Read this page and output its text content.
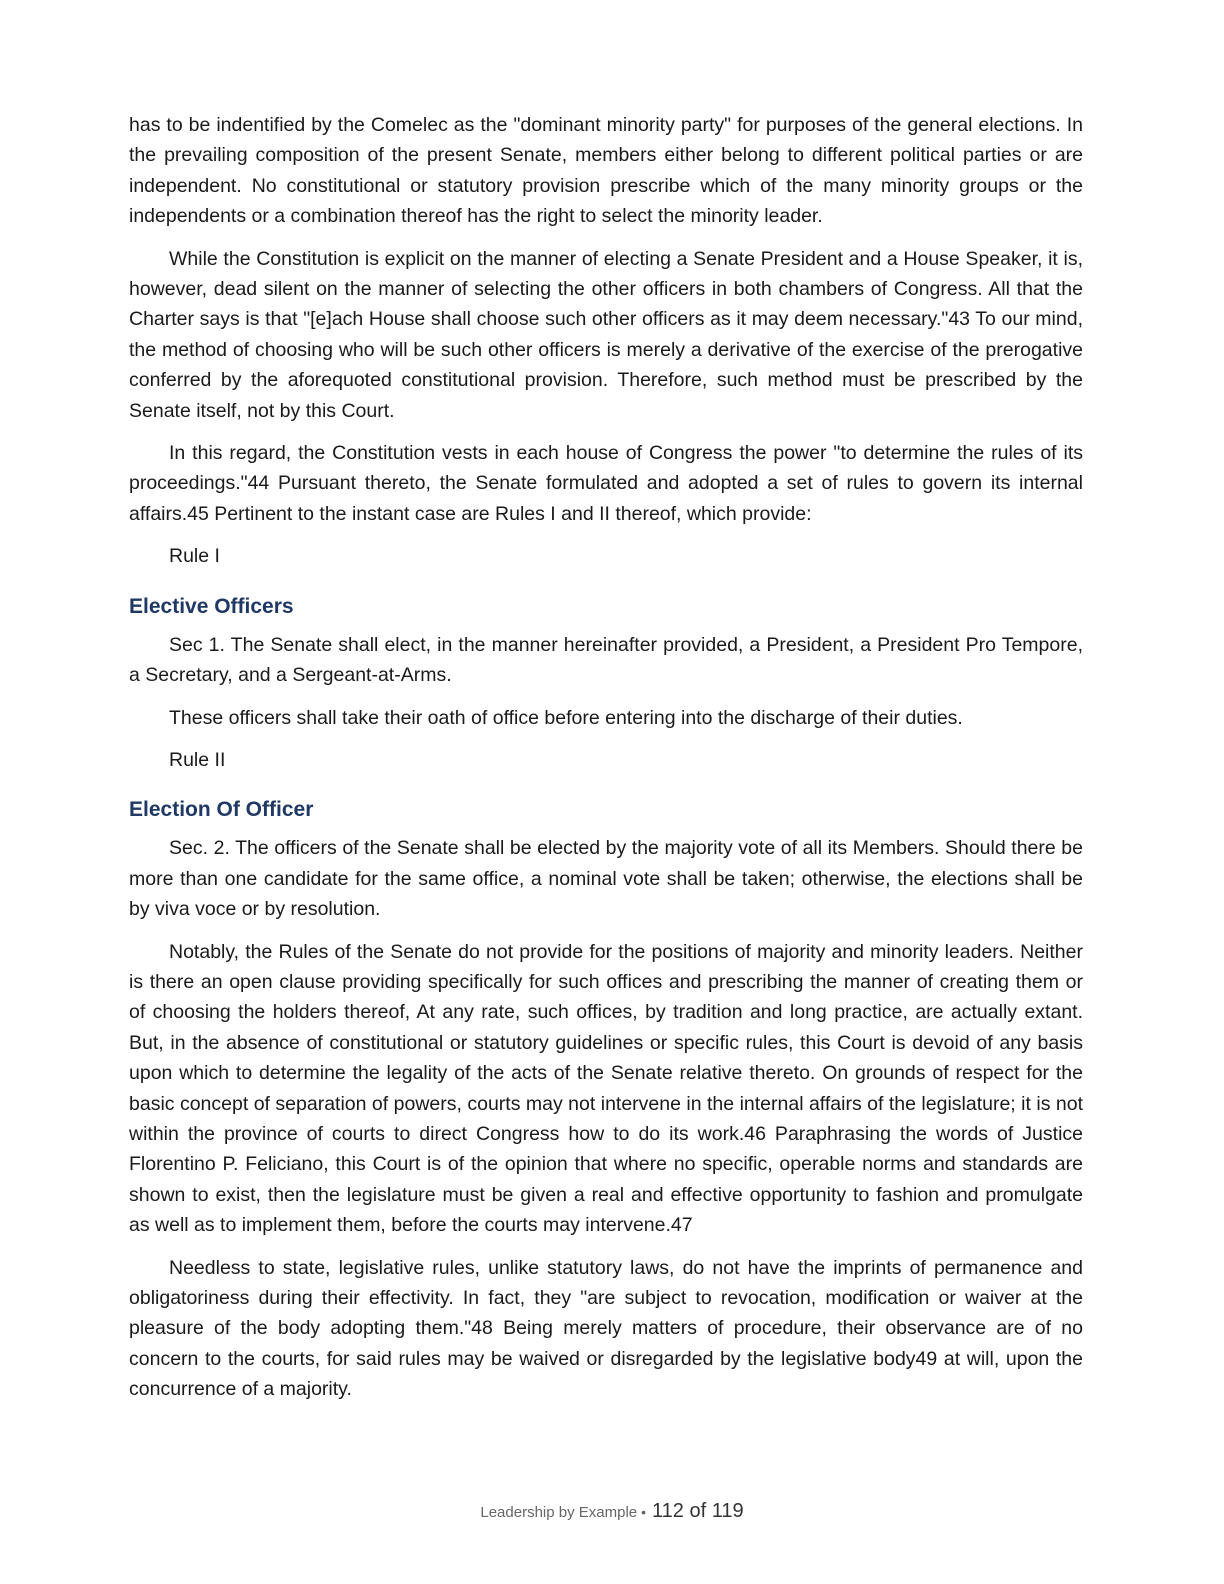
has to be indentified by the Comelec as the "dominant minority party" for purposes of the general elections. In the prevailing composition of the present Senate, members either belong to different political parties or are independent. No constitutional or statutory provision prescribe which of the many minority groups or the independents or a combination thereof has the right to select the minority leader.

While the Constitution is explicit on the manner of electing a Senate President and a House Speaker, it is, however, dead silent on the manner of selecting the other officers in both chambers of Congress. All that the Charter says is that "[e]ach House shall choose such other officers as it may deem necessary."43 To our mind, the method of choosing who will be such other officers is merely a derivative of the exercise of the prerogative conferred by the aforequoted constitutional provision. Therefore, such method must be prescribed by the Senate itself, not by this Court.

In this regard, the Constitution vests in each house of Congress the power "to determine the rules of its proceedings."44 Pursuant thereto, the Senate formulated and adopted a set of rules to govern its internal affairs.45 Pertinent to the instant case are Rules I and II thereof, which provide:

Rule I
Elective Officers

Sec 1. The Senate shall elect, in the manner hereinafter provided, a President, a President Pro Tempore, a Secretary, and a Sergeant-at-Arms.

These officers shall take their oath of office before entering into the discharge of their duties.

Rule II
Election Of Officer

Sec. 2. The officers of the Senate shall be elected by the majority vote of all its Members. Should there be more than one candidate for the same office, a nominal vote shall be taken; otherwise, the elections shall be by viva voce or by resolution.

Notably, the Rules of the Senate do not provide for the positions of majority and minority leaders. Neither is there an open clause providing specifically for such offices and prescribing the manner of creating them or of choosing the holders thereof, At any rate, such offices, by tradition and long practice, are actually extant. But, in the absence of constitutional or statutory guidelines or specific rules, this Court is devoid of any basis upon which to determine the legality of the acts of the Senate relative thereto. On grounds of respect for the basic concept of separation of powers, courts may not intervene in the internal affairs of the legislature; it is not within the province of courts to direct Congress how to do its work.46 Paraphrasing the words of Justice Florentino P. Feliciano, this Court is of the opinion that where no specific, operable norms and standards are shown to exist, then the legislature must be given a real and effective opportunity to fashion and promulgate as well as to implement them, before the courts may intervene.47

Needless to state, legislative rules, unlike statutory laws, do not have the imprints of permanence and obligatoriness during their effectivity. In fact, they "are subject to revocation, modification or waiver at the pleasure of the body adopting them."48 Being merely matters of procedure, their observance are of no concern to the courts, for said rules may be waived or disregarded by the legislative body49 at will, upon the concurrence of a majority.

Leadership by Example • 112 of 119
